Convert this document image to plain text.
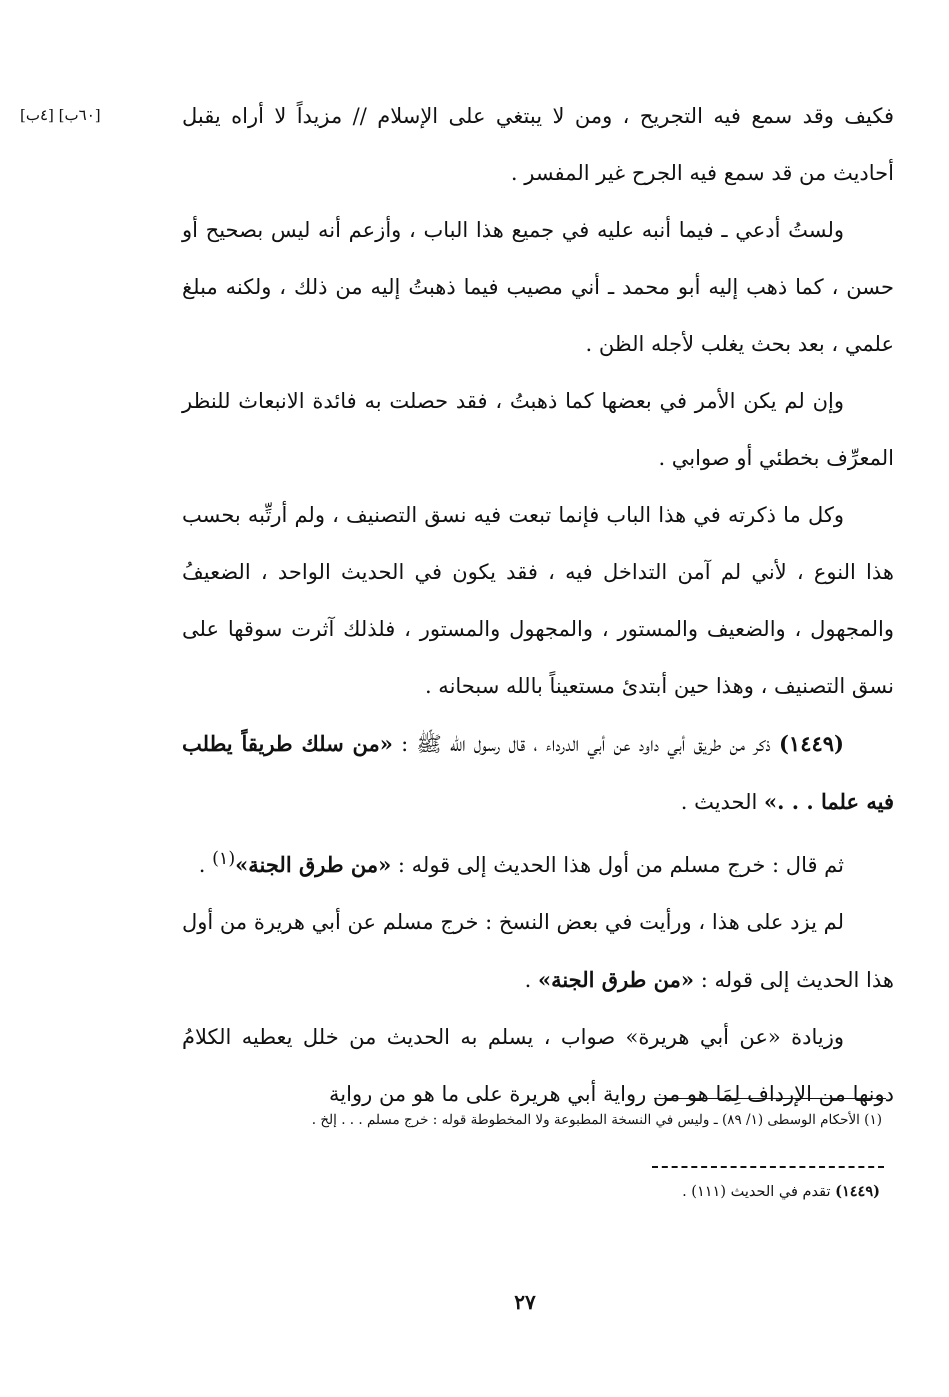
[٦٠ب] [٤ب]	فكيف وقد سمع فيه التجريح ، ومن لا يبتغي على الإسلام // مزيداً لا أراه يقبل أحاديث من قد سمع فيه الجرح غير المفسر .

ولستُ أدعي ـ فيما أنبه عليه في جميع هذا الباب ، وأزعم أنه ليس بصحيح أو حسن ، كما ذهب إليه أبو محمد ـ أني مصيب فيما ذهبتُ إليه من ذلك ، ولكنه مبلغ علمي ، بعد بحث يغلب لأجله الظن .

وإن لم يكن الأمر في بعضها كما ذهبتُ ، فقد حصلت به فائدة الانبعاث للنظر المعرِّف بخطئي أو صوابي .

وكل ما ذكرته في هذا الباب فإنما تبعت فيه نسق التصنيف ، ولم أرتِّبه بحسب هذا النوع ، لأني لم آمن التداخل فيه ، فقد يكون في الحديث الواحد ، الضعيفُ والمجهول ، والضعيف والمستور ، والمجهول والمستور ، فلذلك آثرت سوقها على نسق التصنيف ، وهذا حين أبتدئ مستعيناً بالله سبحانه .

(١٤٤٩) ذكر من طريق أبي داود عن أبي الدرداء ، قال رسول الله ﷺ : «من سلك طريقاً يطلب فيه علما . . .» الحديث .

ثم قال : خرج مسلم من أول هذا الحديث إلى قوله : «من طرق الجنة»$^{(١)}$ .

لم يزد على هذا ، ورأيت في بعض النسخ : خرج مسلم عن أبي هريرة من أول هذا الحديث إلى قوله : «من طرق الجنة» .

وزيادة «عن أبي هريرة» صواب ، يسلم به الحديث من خلل يعطيه الكلامُ دونها من الإرداف لِمَا هو من رواية أبي هريرة على ما هو من رواية

(١) الأحكام الوسطى (١/ ٨٩) ـ وليس في النسخة المطبوعة ولا المخطوطة قوله : خرج مسلم . . . إلخ .
(١٤٤٩) تقدم في الحديث (١١١) .
٢٧
